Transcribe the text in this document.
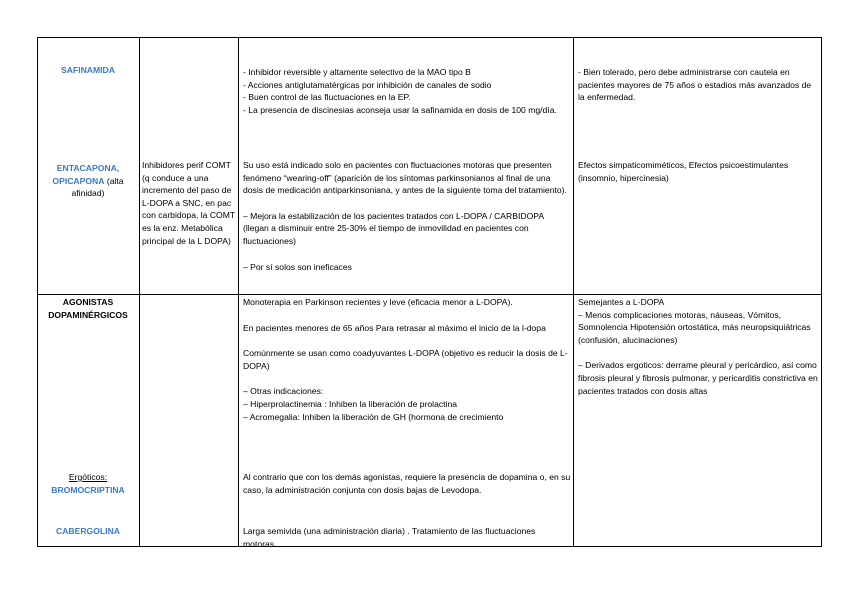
SAFINAMIDA	- Inhibidor reversible y altamente selectivo de la MAO tipo B

- Acciones antiglutamatérgicas por inhibición de canales de sodio

- Buen control de las fluctuaciones en la EP.

- La presencia de discinesias aconseja usar la safinamida en dosis de 100 mg/día.

- Bien tolerado, pero debe administrarse con cautela en pacientes mayores de 75 años o estadios más avanzados de la enfermedad.

ENTACAPONA,
OPICAPONA (alta
afinidad)

Inhibidores perif COMT (q conduce a una incremento del paso de L-DOPA a SNC, en pac con carbidopa, la COMT es la enz. Metabólica principal de la L DOPA)

Su uso está indicado solo en pacientes con fluctuaciones motoras que presenten fenómeno “wearing-off” (aparición de los síntomas parkinsonianos al final de una dosis de medicación antiparkinsoniana, y antes de la siguiente toma del tratamiento).

– Mejora la estabilización de los pacientes tratados con L-DOPA / CARBIDOPA (llegan a disminuir entre 25-30% el tiempo de inmovilidad en pacientes con fluctuaciones)

– Por sí solos son ineficaces

Efectos simpaticomiméticos, Efectos psicoestimulantes (insomnio, hipercinesia)

AGONISTAS
DOPAMINÉRGICOS

Monoterapia en Parkinson recientes y leve (eficacia menor a L-DOPA).

En pacientes menores de 65 años Para retrasar al máximo el inicio de la l-dopa

Comúnmente se usan como coadyuvantes L-DOPA (objetivo es reducir la dosis de L- DOPA)

– Otras indicaciones:

– Hiperprolactinemia : Inhiben la liberación de prolactina

– Acromegalia: Inhiben la liberación de GH (hormona de crecimiento

Semejantes a L-DOPA

– Menos complicaciones motoras, náuseas, Vómitos, Somnolencia Hipotensión ortostática, más neuropsiquiátricas (confusión, alucinaciones)

– Derivados ergoticos: derrame pleural y pericárdico, así como fibrosis pleural y fibrosis pulmonar, y pericarditis constrictiva en pacientes tratados con dosis altas

Ergóticos:
BROMOCRIPTINA

Al contrario que con los demás agonistas, requiere la presencia de dopamina o, en su caso, la administración conjunta con dosis bajas de Levodopa.

CABERGOLINA	Larga semivida (una administración diaria) . Tratamiento de las fluctuaciones motoras.
